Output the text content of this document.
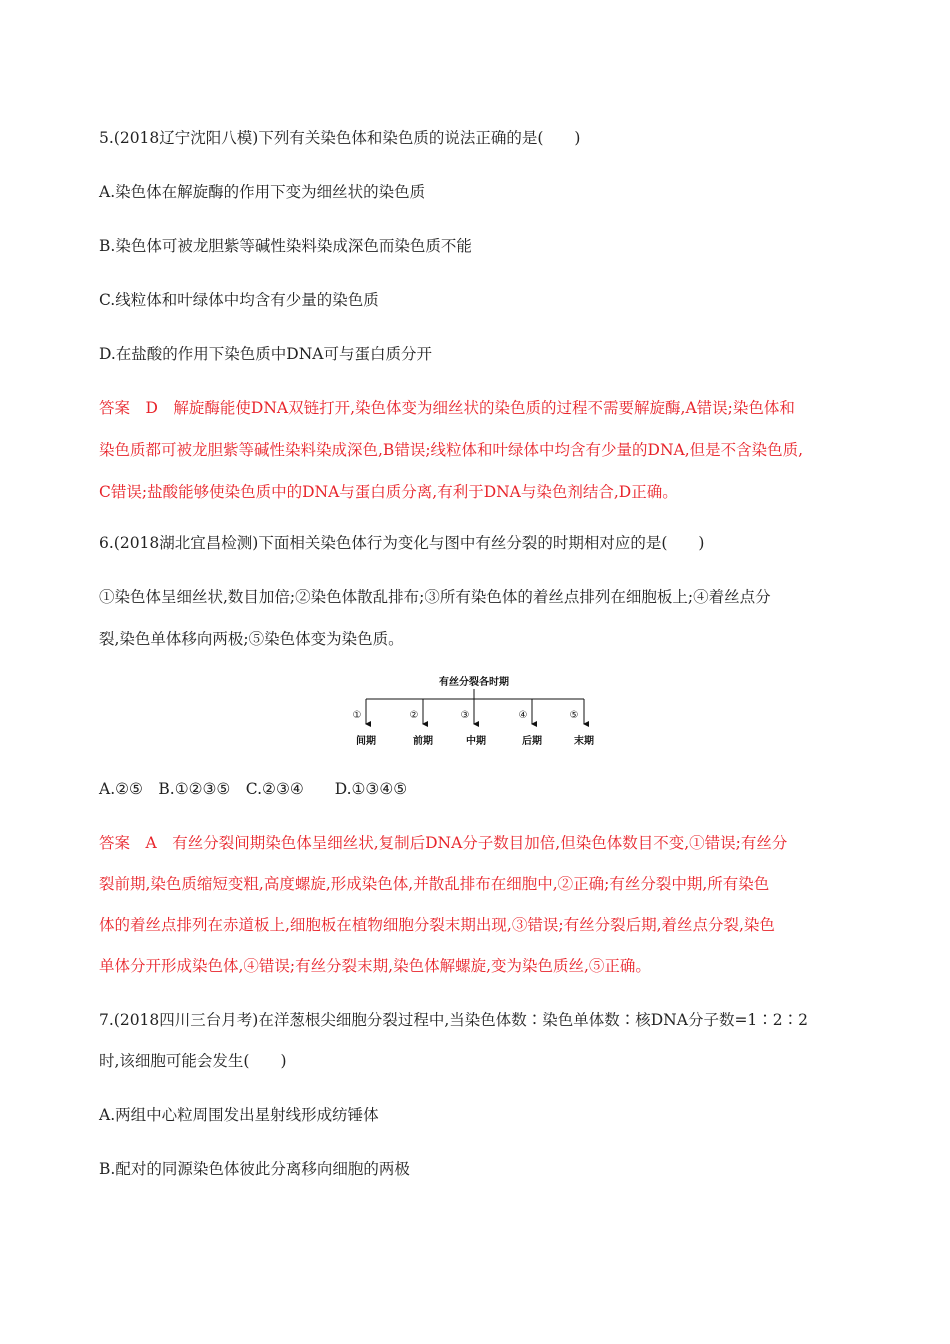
5.(2018辽宁沈阳八模)下列有关染色体和染色质的说法正确的是(　　)
A.染色体在解旋酶的作用下变为细丝状的染色质
B.染色体可被龙胆紫等碱性染料染成深色而染色质不能
C.线粒体和叶绿体中均含有少量的染色质
D.在盐酸的作用下染色质中DNA可与蛋白质分开
答案　D　解旋酶能使DNA双链打开,染色体变为细丝状的染色质的过程不需要解旋酶,A错误;染色体和
染色质都可被龙胆紫等碱性染料染成深色,B错误;线粒体和叶绿体中均含有少量的DNA,但是不含染色质,
C错误;盐酸能够使染色质中的DNA与蛋白质分离,有利于DNA与染色剂结合,D正确。
6.(2018湖北宜昌检测)下面相关染色体行为变化与图中有丝分裂的时期相对应的是(　　)
①染色体呈细丝状,数目加倍;②染色体散乱排布;③所有染色体的着丝点排列在细胞板上;④着丝点分
裂,染色单体移向两极;⑤染色体变为染色质。
有丝分裂各时期
①	②	③	④	⑤
间期	前期	中期	后期	末期
A.②⑤　B.①②③⑤　C.②③④　　D.①③④⑤
答案　A　有丝分裂间期染色体呈细丝状,复制后DNA分子数目加倍,但染色体数目不变,①错误;有丝分
裂前期,染色质缩短变粗,高度螺旋,形成染色体,并散乱排布在细胞中,②正确;有丝分裂中期,所有染色
体的着丝点排列在赤道板上,细胞板在植物细胞分裂末期出现,③错误;有丝分裂后期,着丝点分裂,染色
单体分开形成染色体,④错误;有丝分裂末期,染色体解螺旋,变为染色质丝,⑤正确。
7.(2018四川三台月考)在洋葱根尖细胞分裂过程中,当染色体数∶染色单体数∶核DNA分子数=1∶2∶2
时,该细胞可能会发生(　　)
A.两组中心粒周围发出星射线形成纺锤体
B.配对的同源染色体彼此分离移向细胞的两极
